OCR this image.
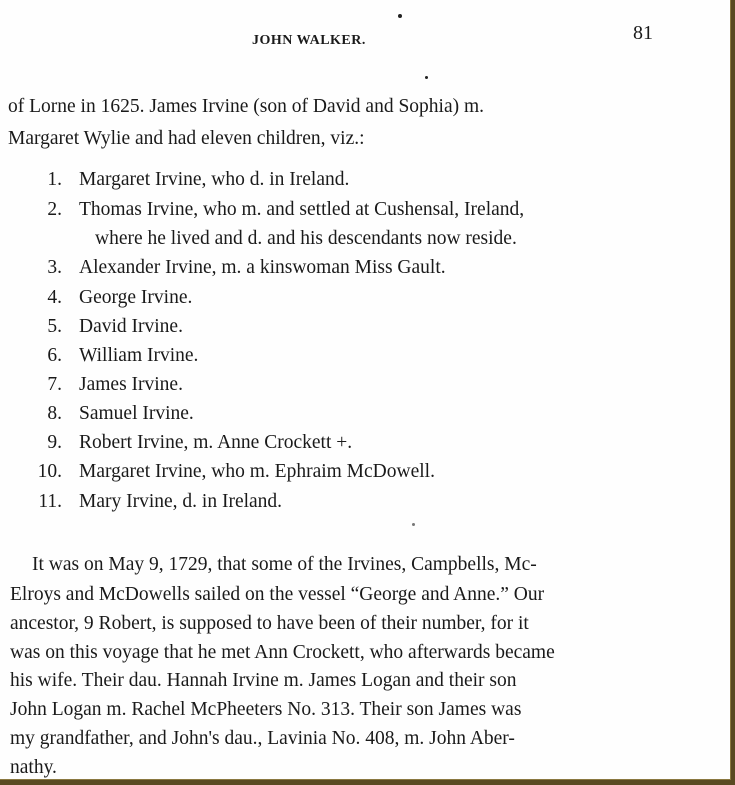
JOHN WALKER.	81
of Lorne in 1625. James Irvine (son of David and Sophia) m.
Margaret Wylie and had eleven children, viz.:
1. Margaret Irvine, who d. in Ireland.
2. Thomas Irvine, who m. and settled at Cushensal, Ireland,
where he lived and d. and his descendants now reside.
3. Alexander Irvine, m. a kinswoman Miss Gault.
4. George Irvine.
5. David Irvine.
6. William Irvine.
7. James Irvine.
8. Samuel Irvine.
9. Robert Irvine, m. Anne Crockett +.
10. Margaret Irvine, who m. Ephraim McDowell.
11. Mary Irvine, d. in Ireland.
It was on May 9, 1729, that some of the Irvines, Campbells, Mc-
Elroys and McDowells sailed on the vessel “George and Anne.” Our
ancestor, 9 Robert, is supposed to have been of their number, for it
was on this voyage that he met Ann Crockett, who afterwards became
his wife. Their dau. Hannah Irvine m. James Logan and their son
John Logan m. Rachel McPheeters No. 313. Their son James was
my grandfather, and John's dau., Lavinia No. 408, m. John Aber-
nathy.
